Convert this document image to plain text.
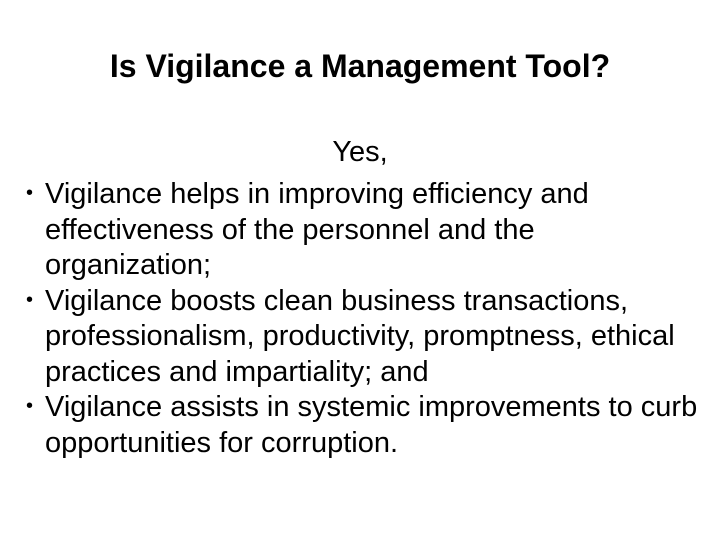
Is Vigilance a Management Tool?
Yes,
• Vigilance helps in improving efficiency and effectiveness of the personnel and the organization;
• Vigilance boosts clean business transactions, professionalism, productivity, promptness, ethical practices and impartiality; and
• Vigilance assists in systemic improvements to curb opportunities for corruption.
